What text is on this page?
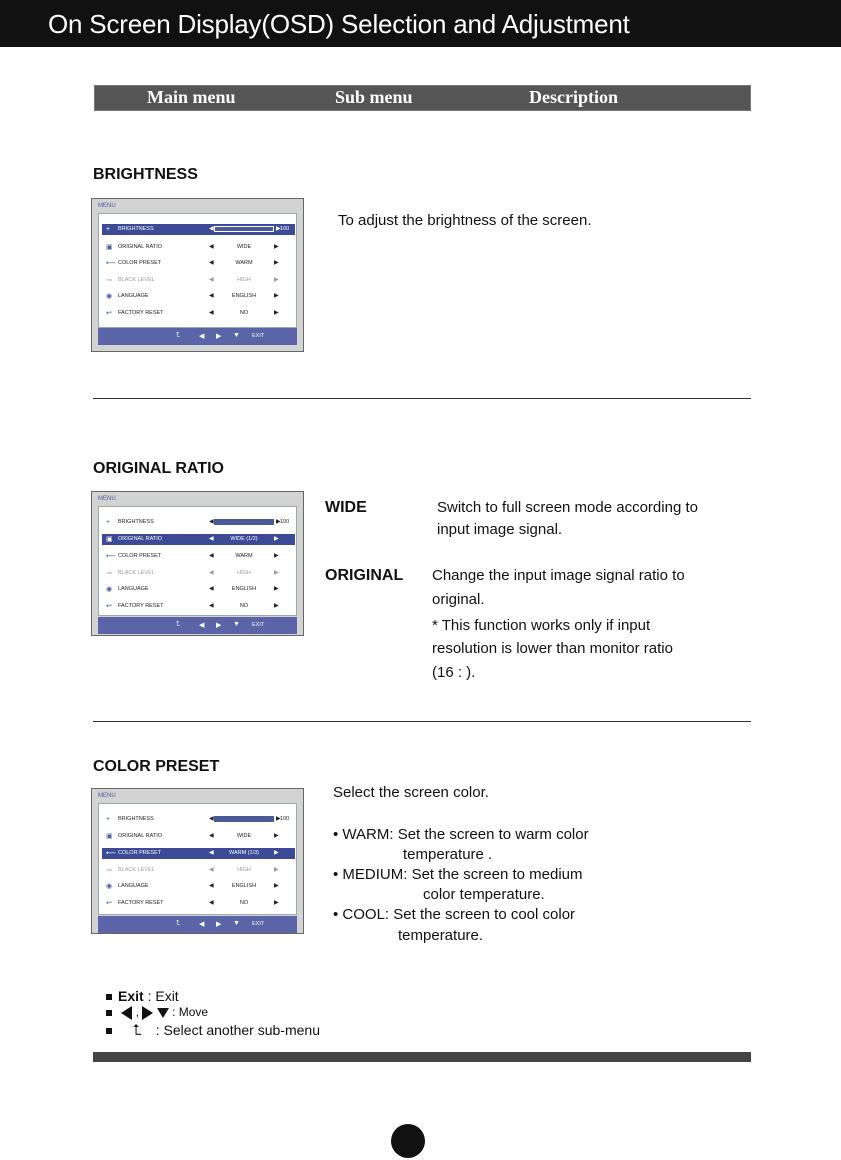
On Screen Display(OSD) Selection and Adjustment
Main menu	Sub menu	Description
BRIGHTNESS
MENU
+ BRIGHTNESS	◀	▶ 100
▣ ORIGINAL RATIO	◀	WIDE	▶
⟵ COLOR PRESET	◀	WARM	▶
⊸ BLACK LEVEL	◀	HIGH	▶
◉ LANGUAGE	◀	ENGLISH	▶
↩ FACTORY RESET	◀	NO	▶
⮤	◀ ▶ ▼ EXIT
To adjust the brightness of the screen.
ORIGINAL RATIO
MENU
+ BRIGHTNESS	◀	▶ 100
▣ ORIGINAL RATIO	◀	WIDE (1/2)	▶
⟵ COLOR PRESET	◀	WARM	▶
⊸ BLACK LEVEL	◀	HIGH	▶
◉ LANGUAGE	◀	ENGLISH	▶
↩ FACTORY RESET	◀	NO	▶
⮤	◀ ▶ ▼ EXIT
WIDE	Switch to full screen mode according to
input image signal.
ORIGINAL Change the input image signal ratio to
original.
* This function works only if input
resolution is lower than monitor ratio
(16 : ).
COLOR PRESET
MENU
+ BRIGHTNESS	◀	▶ 100
▣ ORIGINAL RATIO	◀	WIDE	▶
⟵ COLOR PRESET	◀	WARM (1/3)	▶
⊸ BLACK LEVEL	◀	HIGH	▶
◉ LANGUAGE	◀	ENGLISH	▶
↩ FACTORY RESET	◀	NO	▶
⮤	◀ ▶ ▼ EXIT
Select the screen color.
• WARM: Set the screen to warm color
temperature .
• MEDIUM: Set the screen to medium
color temperature.
• COOL: Set the screen to cool color
temperature.
Exit : Exit
,	: Move
⮤ : Select another sub-menu
